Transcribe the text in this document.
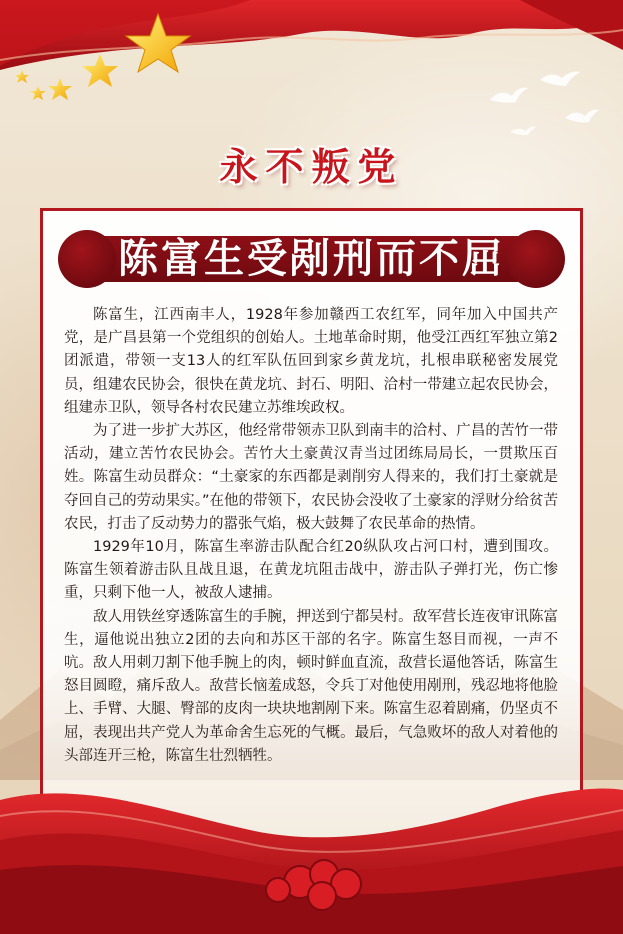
永不叛党
陈富生受剐刑而不屈

陈富生，江西南丰人，1928年参加赣西工农红军，同年加入中国共产党，是广昌县第一个党组织的创始人。土地革命时期，他受江西红军独立第2团派遣，带领一支13人的红军队伍回到家乡黄龙坑，扎根串联秘密发展党员，组建农民协会，很快在黄龙坑、封石、明阳、洽村一带建立起农民协会，组建赤卫队，领导各村农民建立苏维埃政权。

为了进一步扩大苏区，他经常带领赤卫队到南丰的洽村、广昌的苦竹一带活动，建立苦竹农民协会。苦竹大土豪黄汉青当过团练局局长，一贯欺压百姓。陈富生动员群众：“土豪家的东西都是剥削穷人得来的，我们打土豪就是夺回自己的劳动果实。”在他的带领下，农民协会没收了土豪家的浮财分给贫苦农民，打击了反动势力的嚣张气焰，极大鼓舞了农民革命的热情。

1929年10月，陈富生率游击队配合红20纵队攻占河口村，遭到围攻。陈富生领着游击队且战且退，在黄龙坑阻击战中，游击队子弹打光，伤亡惨重，只剩下他一人，被敌人逮捕。

敌人用铁丝穿透陈富生的手腕，押送到宁都吴村。敌军营长连夜审讯陈富生，逼他说出独立2团的去向和苏区干部的名字。陈富生怒目而视，一声不吭。敌人用刺刀割下他手腕上的肉，顿时鲜血直流，敌营长逼他答话，陈富生怒目圆瞪，痛斥敌人。敌营长恼羞成怒，令兵丁对他使用剐刑，残忍地将他脸上、手臂、大腿、臀部的皮肉一块块地割剐下来。陈富生忍着剧痛，仍坚贞不屈，表现出共产党人为革命舍生忘死的气概。最后，气急败坏的敌人对着他的头部连开三枪，陈富生壮烈牺牲。
